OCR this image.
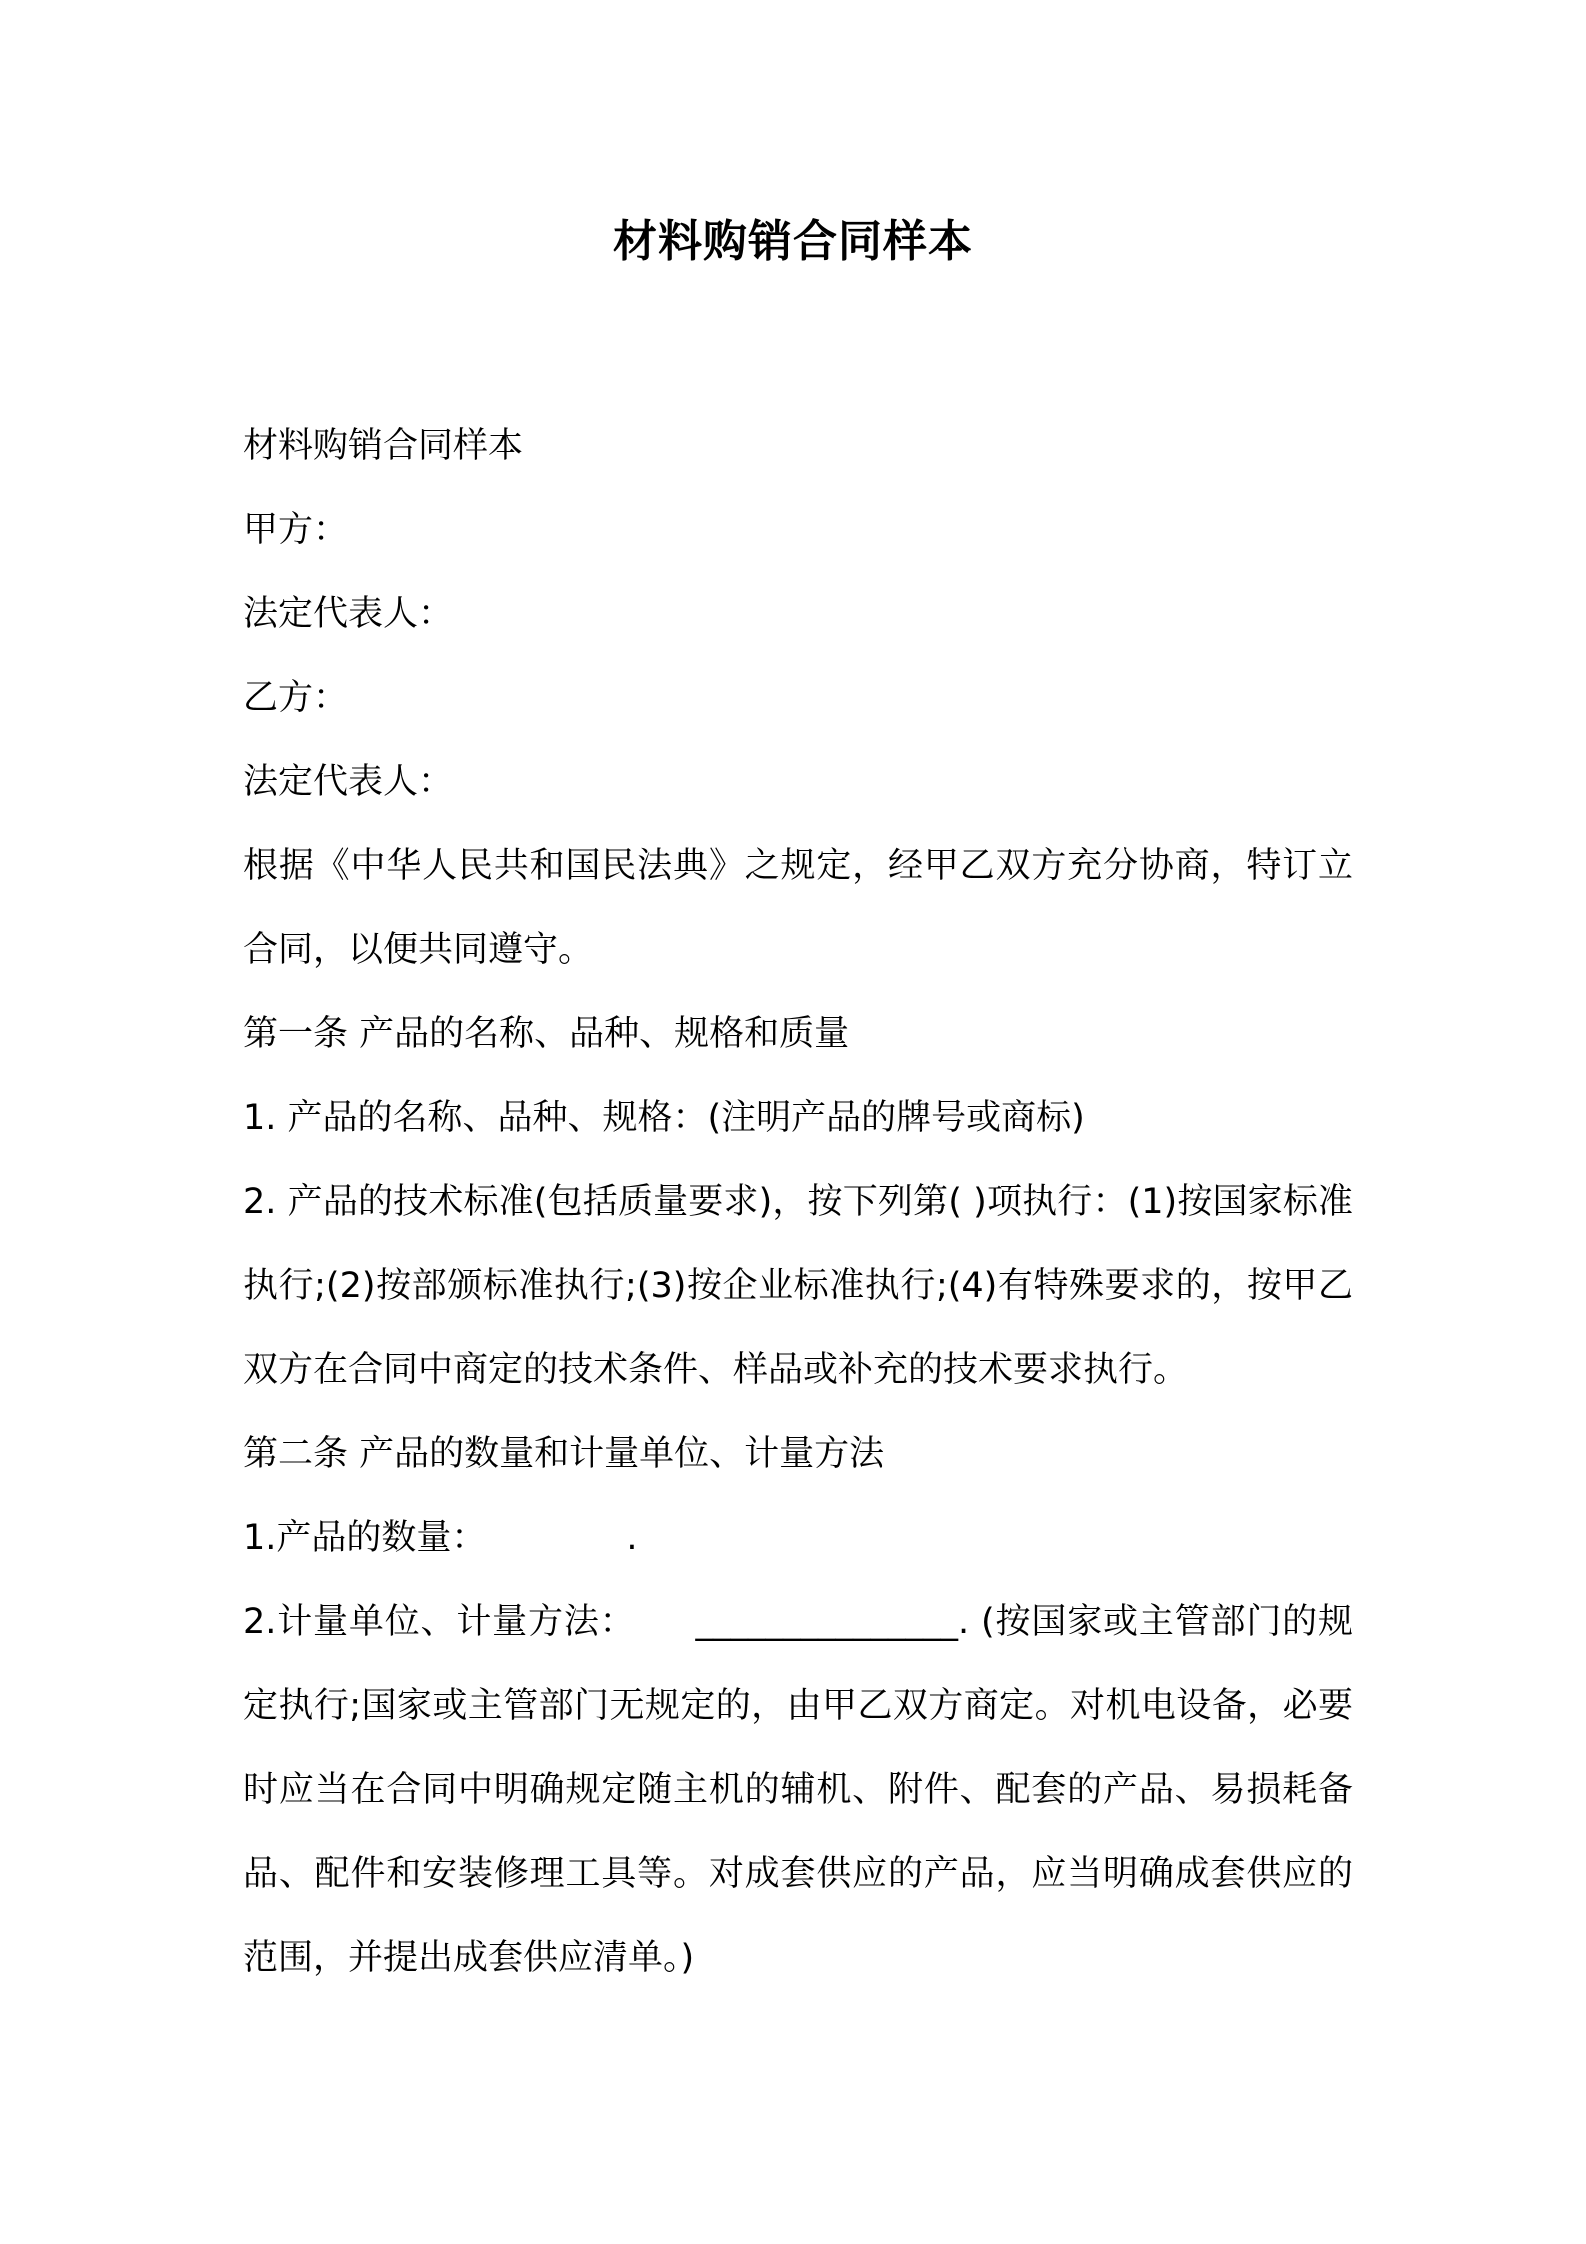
材料购销合同样本
材料购销合同样本
甲方：
法定代表人：
乙方：
法定代表人：
根据《中华人民共和国民法典》之规定，经甲乙双方充分协商，特订立合同，以便共同遵守。
第一条 产品的名称、品种、规格和质量
1. 产品的名称、品种、规格：(注明产品的牌号或商标)
2. 产品的技术标准(包括质量要求)，按下列第( )项执行：(1)按国家标准执行;(2)按部颁标准执行;(3)按企业标准执行;(4)有特殊要求的，按甲乙双方在合同中商定的技术条件、样品或补充的技术要求执行。
第二条 产品的数量和计量单位、计量方法
1.产品的数量：	.
2.计量单位、计量方法： _______________. (按国家或主管部门的规定执行;国家或主管部门无规定的，由甲乙双方商定。对机电设备，必要时应当在合同中明确规定随主机的辅机、附件、配套的产品、易损耗备品、配件和安装修理工具等。对成套供应的产品，应当明确成套供应的范围，并提出成套供应清单。)
